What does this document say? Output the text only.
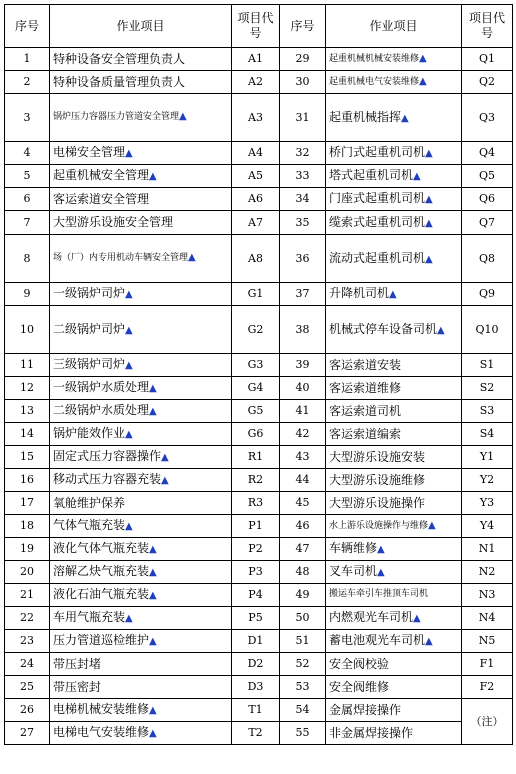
序号	作业项目	项目代号	序号	作业项目	项目代号
1	特种设备安全管理负责人	A1	29	起重机械机械安装维修▲	Q1
2	特种设备质量管理负责人	A2	30	起重机械电气安装维修▲	Q2
3	锅炉压力容器压力管道安全管理▲	A3	31	起重机械指挥▲	Q3
4	电梯安全管理▲	A4	32	桥门式起重机司机▲	Q4
5	起重机械安全管理▲	A5	33	塔式起重机司机▲	Q5
6	客运索道安全管理	A6	34	门座式起重机司机▲	Q6
7	大型游乐设施安全管理	A7	35	缆索式起重机司机▲	Q7
8	场（厂）内专用机动车辆安全管理▲	A8	36	流动式起重机司机▲	Q8
9	一级锅炉司炉▲	G1	37	升降机司机▲	Q9
10	二级锅炉司炉▲	G2	38	机械式停车设备司机▲	Q10
11	三级锅炉司炉▲	G3	39	客运索道安装	S1
12	一级锅炉水质处理▲	G4	40	客运索道维修	S2
13	二级锅炉水质处理▲	G5	41	客运索道司机	S3
14	锅炉能效作业▲	G6	42	客运索道编索	S4
15	固定式压力容器操作▲	R1	43	大型游乐设施安装	Y1
16	移动式压力容器充装▲	R2	44	大型游乐设施维修	Y2
17	氧舱维护保养	R3	45	大型游乐设施操作	Y3
18	气体气瓶充装▲	P1	46	水上游乐设施操作与维修▲	Y4
19	液化气体气瓶充装▲	P2	47	车辆维修▲	N1
20	溶解乙炔气瓶充装▲	P3	48	叉车司机▲	N2
21	液化石油气瓶充装▲	P4	49	搬运车牵引车推顶车司机	N3
22	车用气瓶充装▲	P5	50	内燃观光车司机▲	N4
23	压力管道巡检维护▲	D1	51	蓄电池观光车司机▲	N5
24	带压封堵	D2	52	安全阀校验	F1
25	带压密封	D3	53	安全阀维修	F2
26	电梯机械安装维修▲	T1	54	金属焊接操作	（注）
27	电梯电气安装维修▲	T2	55	非金属焊接操作	
